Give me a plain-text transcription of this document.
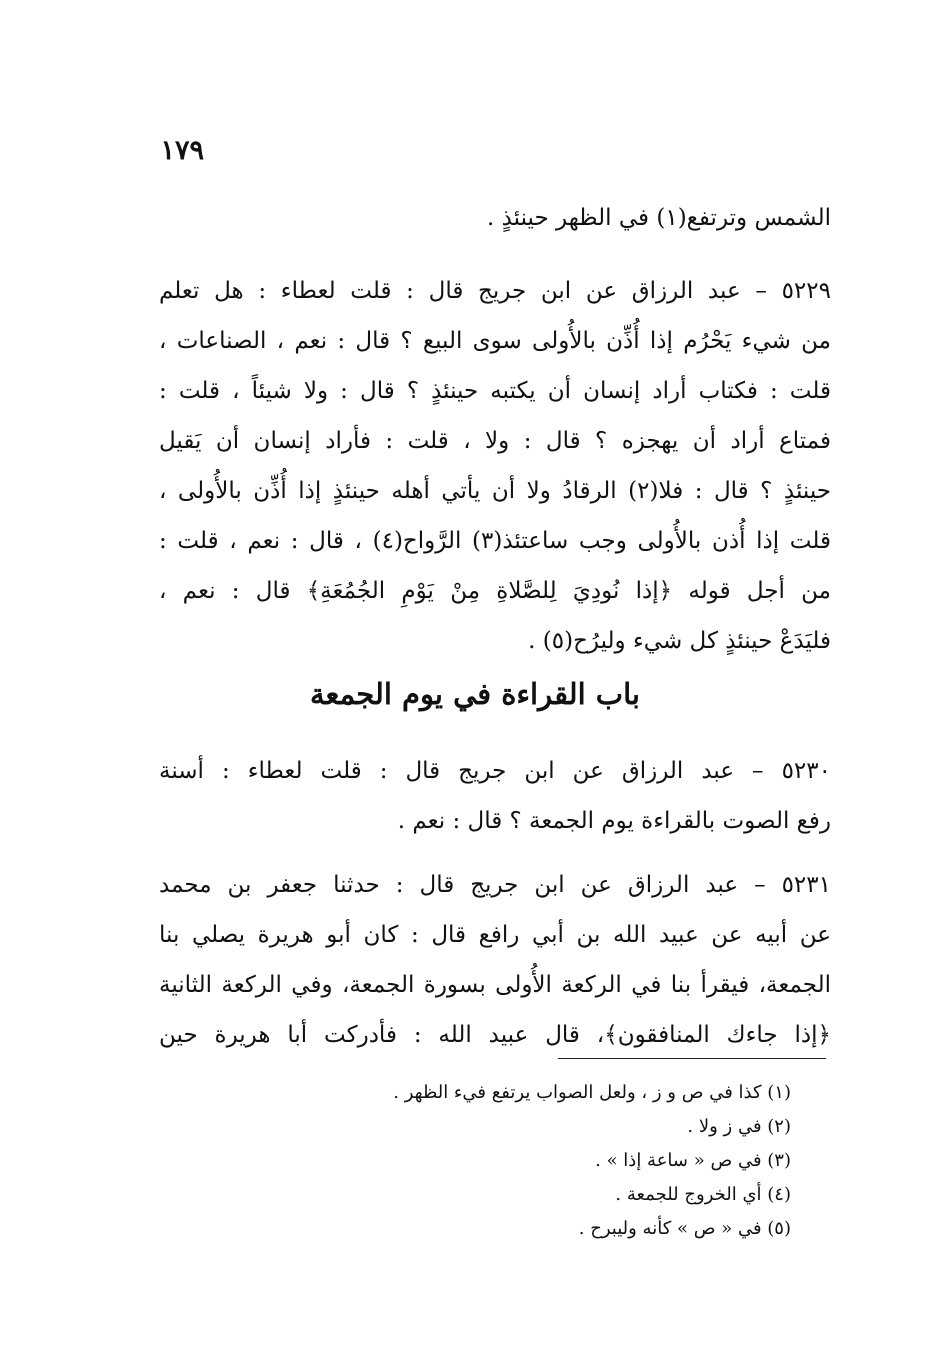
١٧٩
الشمس وترتفع(١) في الظهر حينئذٍ .
٥٢٢٩ – عبد الرزاق عن ابن جريج قال : قلت لعطاء : هل تعلم
من شيء يَحْرُم إذا أُذِّن بالأُولى سوى البيع ؟ قال : نعم ، الصناعات ،
قلت : فكتاب أراد إنسان أن يكتبه حينئذٍ ؟ قال : ولا شيئاً ، قلت :
فمتاع أراد أن يهجزه ؟ قال : ولا ، قلت : فأراد إنسان أن يَقيل
حينئذٍ ؟ قال : فلا(٢) الرقادُ ولا أن يأتي أهله حينئذٍ إذا أُذِّن بالأُولى ،
قلت إذا أُذن بالأُولى وجب ساعتئذ(٣) الرَّواح(٤) ، قال : نعم ، قلت :
من أجل قوله ﴿إذا نُودِيَ لِلصَّلاةِ مِنْ يَوْمِ الجُمُعَةِ﴾ قال : نعم ،
فليَدَعْ حينئذٍ كل شيء وليرُح(٥) .
باب القراءة في يوم الجمعة
٥٢٣٠ – عبد الرزاق عن ابن جريج قال : قلت لعطاء : أسنة
رفع الصوت بالقراءة يوم الجمعة ؟ قال : نعم .
٥٢٣١ – عبد الرزاق عن ابن جريج قال : حدثنا جعفر بن محمد
عن أبيه عن عبيد الله بن أبي رافع قال : كان أبو هريرة يصلي بنا
الجمعة، فيقرأ بنا في الركعة الأُولى بسورة الجمعة، وفي الركعة الثانية
﴿إذا جاءك المنافقون﴾، قال عبيد الله : فأدركت أبا هريرة حين
(١) كذا في ص و ز ، ولعل الصواب يرتفع فيء الظهر .
(٢) في ز ولا .
(٣) في ص « ساعة إذا » .
(٤) أي الخروج للجمعة .
(٥) في « ص » كأنه وليبرح .
